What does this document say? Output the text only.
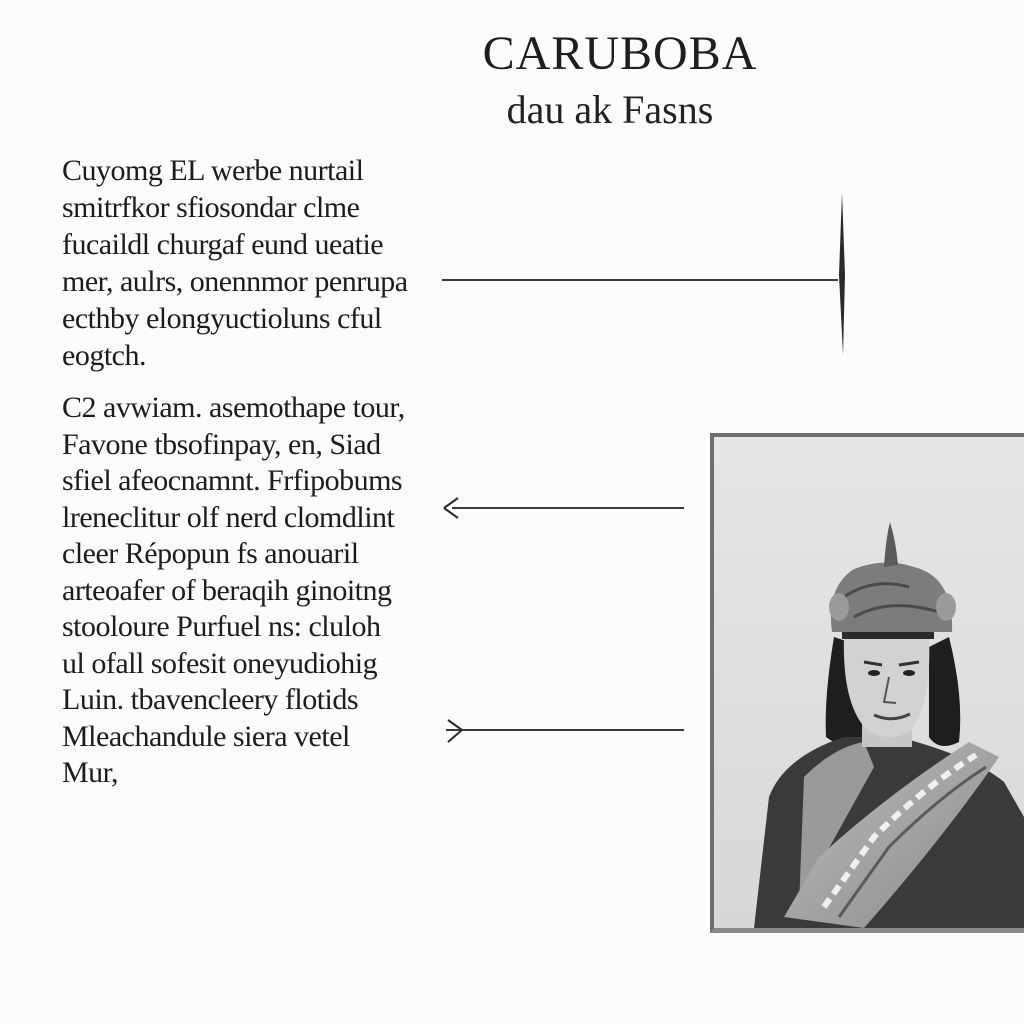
CARUBOBA
dau ak Fasns
Cuyomg EL werbe nurtail
smitrfkor sfiosondar clme
fucaildl churgaf eund ueatie
mer, aulrs, onennmor penrupa
ecthby elongyuctioluns cful
eogtch.
C2 avwiam. asemothape tour,
Favone tbsofinpay, en, Siad
sfiel afeocnamnt. Frfipobums
lreneclitur olf nerd clomdlint
cleer Répopun fs anouaril
arteoafer of beraqih ginoitng
stooloure Purfuel ns: cluloh
ul ofall sofesit oneyudiohig
Luin. tbavencleery flotids
Mleachandule siera vetel
Mur,
